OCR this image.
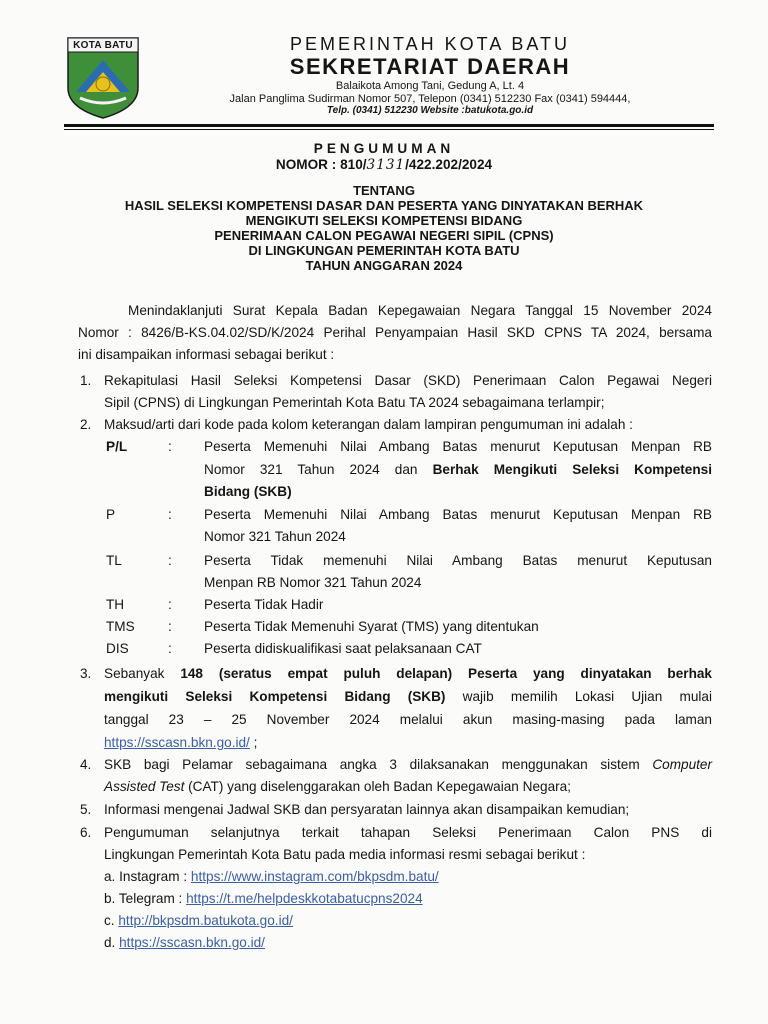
KOTA BATU	PEMERINTAH KOTA BATU
SEKRETARIAT DAERAH
Balaikota Among Tani, Gedung A, Lt. 4
Jalan Panglima Sudirman Nomor 507, Telepon (0341) 512230 Fax (0341) 594444,
Telp. (0341) 512230 Website :batukota.go.id
PENGUMUMAN
NOMOR : 810/3131/422.202/2024
TENTANG
HASIL SELEKSI KOMPETENSI DASAR DAN PESERTA YANG DINYATAKAN BERHAK
MENGIKUTI SELEKSI KOMPETENSI BIDANG
PENERIMAAN CALON PEGAWAI NEGERI SIPIL (CPNS)
DI LINGKUNGAN PEMERINTAH KOTA BATU
TAHUN ANGGARAN 2024
Menindaklanjuti Surat Kepala Badan Kepegawaian Negara Tanggal 15 November 2024
Nomor : 8426/B-KS.04.02/SD/K/2024 Perihal Penyampaian Hasil SKD CPNS TA 2024, bersama
ini disampaikan informasi sebagai berikut :
1. Rekapitulasi Hasil Seleksi Kompetensi Dasar (SKD) Penerimaan Calon Pegawai Negeri
Sipil (CPNS) di Lingkungan Pemerintah Kota Batu TA 2024 sebagaimana terlampir;
2. Maksud/arti dari kode pada kolom keterangan dalam lampiran pengumuman ini adalah :
P/L	: Peserta Memenuhi Nilai Ambang Batas menurut Keputusan Menpan RB
Nomor 321 Tahun 2024 dan Berhak Mengikuti Seleksi Kompetensi
Bidang (SKB)
P	: Peserta Memenuhi Nilai Ambang Batas menurut Keputusan Menpan RB
Nomor 321 Tahun 2024
TL	: Peserta Tidak memenuhi Nilai Ambang Batas menurut Keputusan
Menpan RB Nomor 321 Tahun 2024
TH	: Peserta Tidak Hadir
TMS : Peserta Tidak Memenuhi Syarat (TMS) yang ditentukan
DIS	: Peserta didiskualifikasi saat pelaksanaan CAT
3. Sebanyak 148 (seratus empat puluh delapan) Peserta yang dinyatakan berhak
mengikuti Seleksi Kompetensi Bidang (SKB) wajib memilih Lokasi Ujian mulai
tanggal 23 – 25 November 2024 melalui akun masing-masing pada laman
https://sscasn.bkn.go.id/ ;
4. SKB bagi Pelamar sebagaimana angka 3 dilaksanakan menggunakan sistem Computer
Assisted Test (CAT) yang diselenggarakan oleh Badan Kepegawaian Negara;
5. Informasi mengenai Jadwal SKB dan persyaratan lainnya akan disampaikan kemudian;
6. Pengumuman selanjutnya terkait tahapan Seleksi Penerimaan Calon PNS di
Lingkungan Pemerintah Kota Batu pada media informasi resmi sebagai berikut :
a. Instagram : https://www.instagram.com/bkpsdm.batu/
b. Telegram : https://t.me/helpdeskkotabatucpns2024
c. http://bkpsdm.batukota.go.id/
d. https://sscasn.bkn.go.id/
